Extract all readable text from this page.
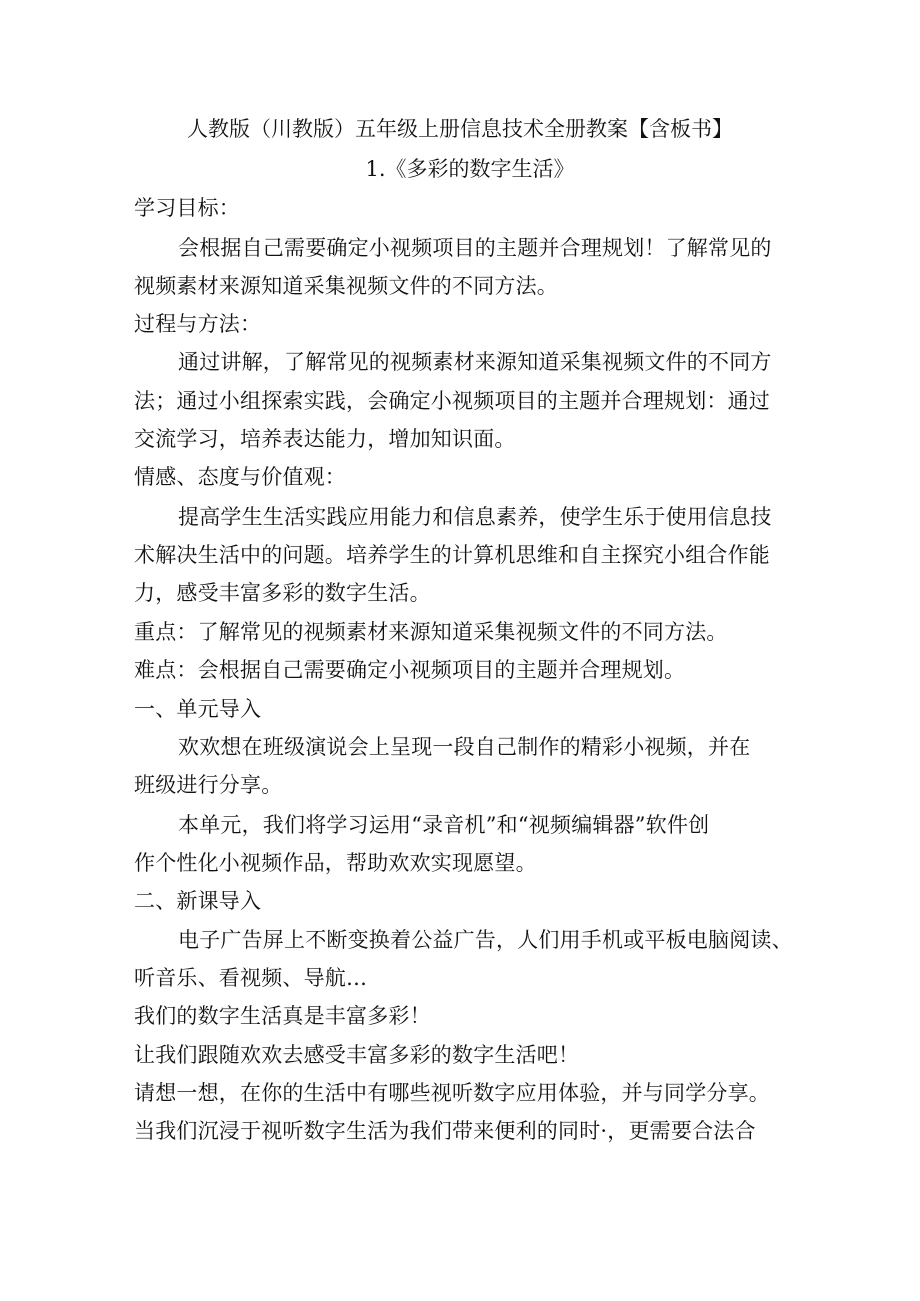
人教版（川教版）五年级上册信息技术全册教案【含板书】
1.《多彩的数字生活》
学习目标：
会根据自己需要确定小视频项目的主题并合理规划！了解常见的
视频素材来源知道采集视频文件的不同方法。
过程与方法：
通过讲解，了解常见的视频素材来源知道采集视频文件的不同方
法；通过小组探索实践，会确定小视频项目的主题并合理规划：通过
交流学习，培养表达能力，增加知识面。
情感、态度与价值观：
提高学生生活实践应用能力和信息素养，使学生乐于使用信息技
术解决生活中的问题。培养学生的计算机思维和自主探究小组合作能
力，感受丰富多彩的数字生活。
重点：了解常见的视频素材来源知道采集视频文件的不同方法。
难点：会根据自己需要确定小视频项目的主题并合理规划。
一、单元导入
欢欢想在班级演说会上呈现一段自己制作的精彩小视频，并在
班级进行分享。
本单元，我们将学习运用“录音机”和“视频编辑器”软件创
作个性化小视频作品，帮助欢欢实现愿望。
二、新课导入
电子广告屏上不断变换着公益广告，人们用手机或平板电脑阅读、
听音乐、看视频、导航…
我们的数字生活真是丰富多彩！
让我们跟随欢欢去感受丰富多彩的数字生活吧！
请想一想，在你的生活中有哪些视听数字应用体验，并与同学分享。
当我们沉浸于视听数字生活为我们带来便利的同时·，更需要合法合
